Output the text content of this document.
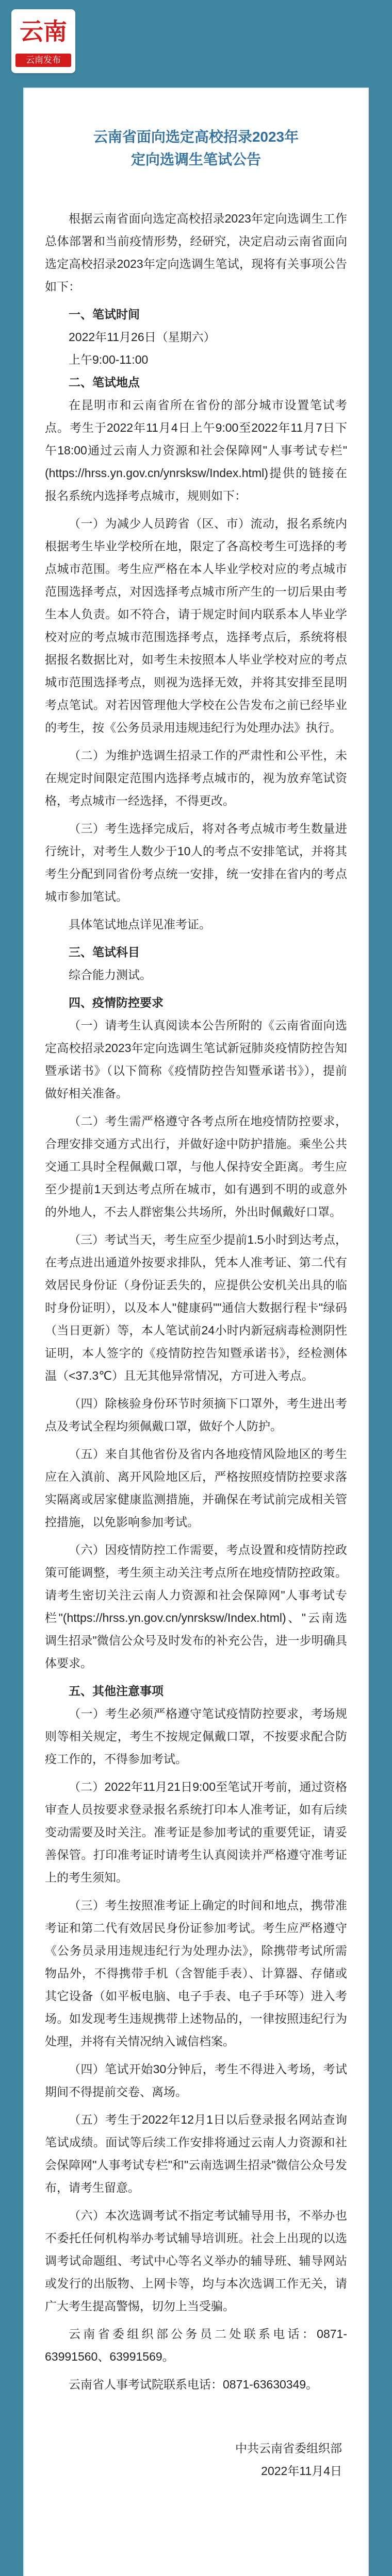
云南
云南发布
云南省面向选定高校招录2023年
定向选调生笔试公告

根据云南省面向选定高校招录2023年定向选调生工作总体部署和当前疫情形势，经研究，决定启动云南省面向选定高校招录2023年定向选调生笔试，现将有关事项公告如下：

一、笔试时间

2022年11月26日（星期六）

上午9:00-11:00

二、笔试地点

在昆明市和云南省所在省份的部分城市设置笔试考点。考生于2022年11月4日上午9:00至2022年11月7日下午18:00通过云南人力资源和社会保障网"人事考试专栏"(https://hrss.yn.gov.cn/ynrsksw/Index.html)提供的链接在报名系统内选择考点城市，规则如下：

（一）为减少人员跨省（区、市）流动，报名系统内根据考生毕业学校所在地，限定了各高校考生可选择的考点城市范围。考生应严格在本人毕业学校对应的考点城市范围选择考点，对因选择考点城市所产生的一切后果由考生本人负责。如不符合，请于规定时间内联系本人毕业学校对应的考点城市范围选择考点，选择考点后，系统将根据报名数据比对，如考生未按照本人毕业学校对应的考点城市范围选择考点，则视为选择无效，并将其安排至昆明考点笔试。对若因管理他大学校在公告发布之前已经毕业的考生，按《公务员录用违规违纪行为处理办法》执行。

（二）为维护选调生招录工作的严肃性和公平性，未在规定时间限定范围内选择考点城市的，视为放弃笔试资格，考点城市一经选择，不得更改。

（三）考生选择完成后，将对各考点城市考生数量进行统计，对考生人数少于10人的考点不安排笔试，并将其考生分配到同省份考点统一安排，统一安排在省内的考点城市参加笔试。

具体笔试地点详见准考证。

三、笔试科目

综合能力测试。

四、疫情防控要求

（一）请考生认真阅读本公告所附的《云南省面向选定高校招录2023年定向选调生笔试新冠肺炎疫情防控告知暨承诺书》（以下简称《疫情防控告知暨承诺书》），提前做好相关准备。

（二）考生需严格遵守各考点所在地疫情防控要求，合理安排交通方式出行，并做好途中防护措施。乘坐公共交通工具时全程佩戴口罩，与他人保持安全距离。考生应至少提前1天到达考点所在城市，如有遇到不明的或意外的外地人，不去人群密集公共场所，外出时佩戴好口罩。

（三）考试当天，考生应至少提前1.5小时到达考点，在考点进出通道外按要求排队，凭本人准考证、第二代有效居民身份证（身份证丢失的，应提供公安机关出具的临时身份证明），以及本人"健康码""通信大数据行程卡"绿码（当日更新）等，本人笔试前24小时内新冠病毒检测阴性证明，本人签字的《疫情防控告知暨承诺书》，经检测体温（<37.3℃）且无其他异常情况，方可进入考点。

（四）除核验身份环节时须摘下口罩外，考生进出考点及考试全程均须佩戴口罩，做好个人防护。

（五）来自其他省份及省内各地疫情风险地区的考生应在入滇前、离开风险地区后，严格按照疫情防控要求落实隔离或居家健康监测措施，并确保在考试前完成相关管控措施，以免影响参加考试。

（六）因疫情防控工作需要，考点设置和疫情防控政策可能调整，考生须主动关注考点所在地疫情防控政策。请考生密切关注云南人力资源和社会保障网"人事考试专栏"(https://hrss.yn.gov.cn/ynrsksw/Index.html)、"云南选调生招录"微信公众号及时发布的补充公告，进一步明确具体要求。

五、其他注意事项

（一）考生必须严格遵守笔试疫情防控要求，考场规则等相关规定，考生不按规定佩戴口罩，不按要求配合防疫工作的，不得参加考试。

（二）2022年11月21日9:00至笔试开考前，通过资格审查人员按要求登录报名系统打印本人准考证，如有后续变动需要及时关注。准考证是参加考试的重要凭证，请妥善保管。打印准考证时请考生认真阅读并严格遵守准考证上的考生须知。

（三）考生按照准考证上确定的时间和地点，携带准考证和第二代有效居民身份证参加考试。考生应严格遵守《公务员录用违规违纪行为处理办法》，除携带考试所需物品外，不得携带手机（含智能手表）、计算器、存储或其它设备（如平板电脑、电子手表、电子手环等）进入考场。如发现考生违规携带上述物品的，一律按照违纪行为处理，并将有关情况纳入诚信档案。

（四）笔试开始30分钟后，考生不得进入考场，考试期间不得提前交卷、离场。

（五）考生于2022年12月1日以后登录报名网站查询笔试成绩。面试等后续工作安排将通过云南人力资源和社会保障网"人事考试专栏"和"云南选调生招录"微信公众号发布，请考生留意。

（六）本次选调考试不指定考试辅导用书，不举办也不委托任何机构举办考试辅导培训班。社会上出现的以选调考试命题组、考试中心等名义举办的辅导班、辅导网站或发行的出版物、上网卡等，均与本次选调工作无关，请广大考生提高警惕，切勿上当受骗。

云南省委组织部公务员二处联系电话：0871-63991560、63991569。

云南省人事考试院联系电话：0871-63630349。

中共云南省委组织部

2022年11月4日
